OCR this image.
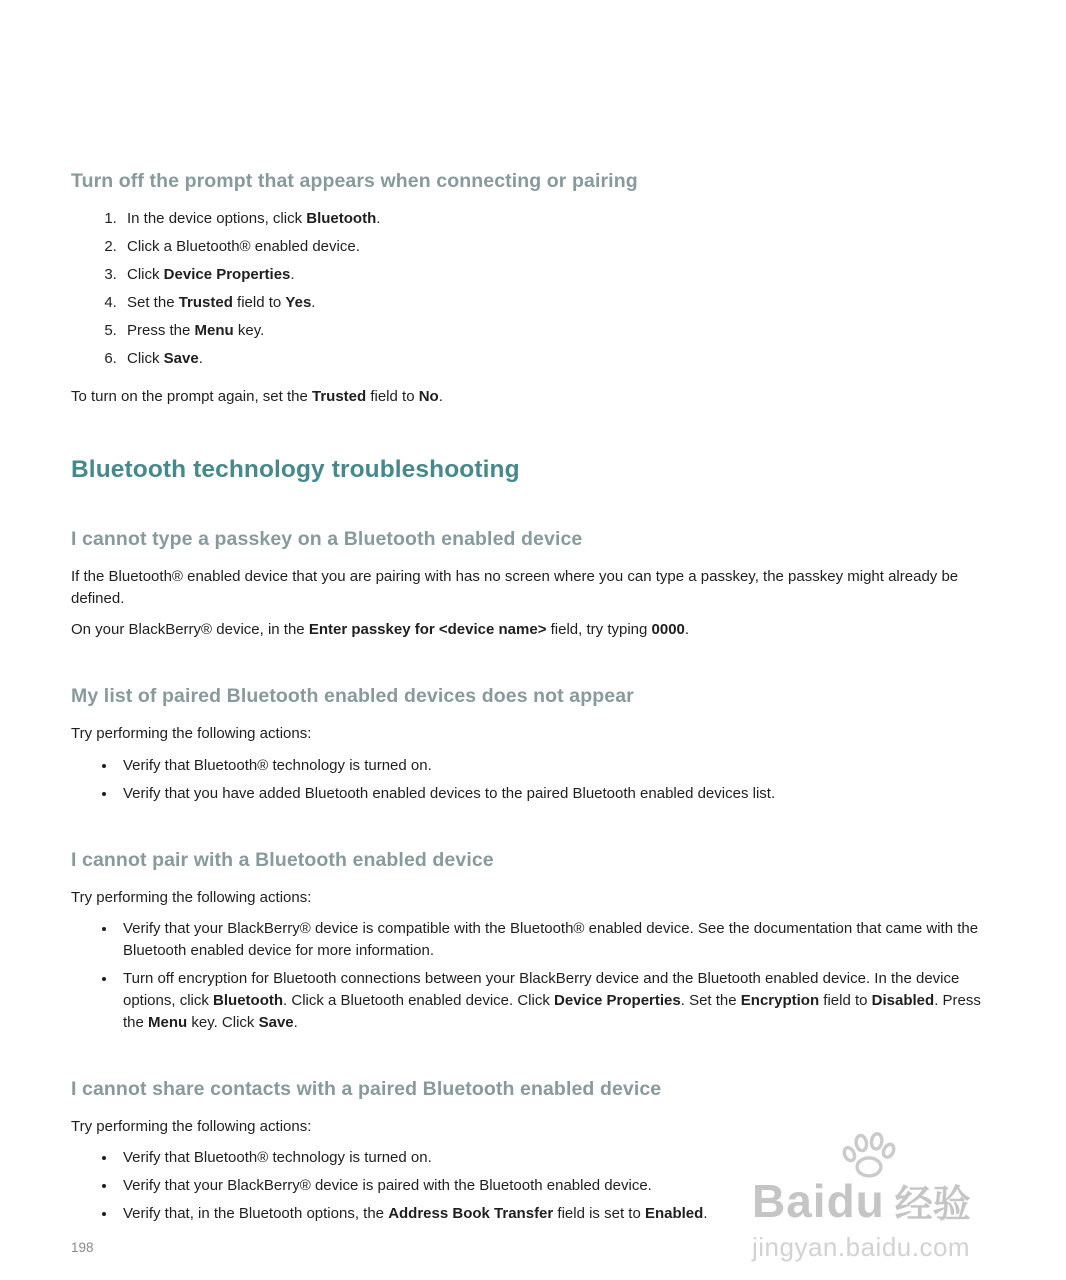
Turn off the prompt that appears when connecting or pairing
1. In the device options, click Bluetooth.
2. Click a Bluetooth® enabled device.
3. Click Device Properties.
4. Set the Trusted field to Yes.
5. Press the Menu key.
6. Click Save.

To turn on the prompt again, set the Trusted field to No.

Bluetooth technology troubleshooting
I cannot type a passkey on a Bluetooth enabled device

If the Bluetooth® enabled device that you are pairing with has no screen where you can type a passkey, the passkey might already be defined.

On your BlackBerry® device, in the Enter passkey for <device name> field, try typing 0000.

My list of paired Bluetooth enabled devices does not appear

Try performing the following actions:

• Verify that Bluetooth® technology is turned on.
• Verify that you have added Bluetooth enabled devices to the paired Bluetooth enabled devices list.
I cannot pair with a Bluetooth enabled device

Try performing the following actions:

• Verify that your BlackBerry® device is compatible with the Bluetooth® enabled device. See the documentation that came with the Bluetooth enabled device for more information.
• Turn off encryption for Bluetooth connections between your BlackBerry device and the Bluetooth enabled device. In the device options, click Bluetooth. Click a Bluetooth enabled device. Click Device Properties. Set the Encryption field to Disabled. Press the Menu key. Click Save.
I cannot share contacts with a paired Bluetooth enabled device

Try performing the following actions:

• Verify that Bluetooth® technology is turned on.
• Verify that your BlackBerry® device is paired with the Bluetooth enabled device.
• Verify that, in the Bluetooth options, the Address Book Transfer field is set to Enabled.
198
Baidu 经验
jingyan.baidu.com
